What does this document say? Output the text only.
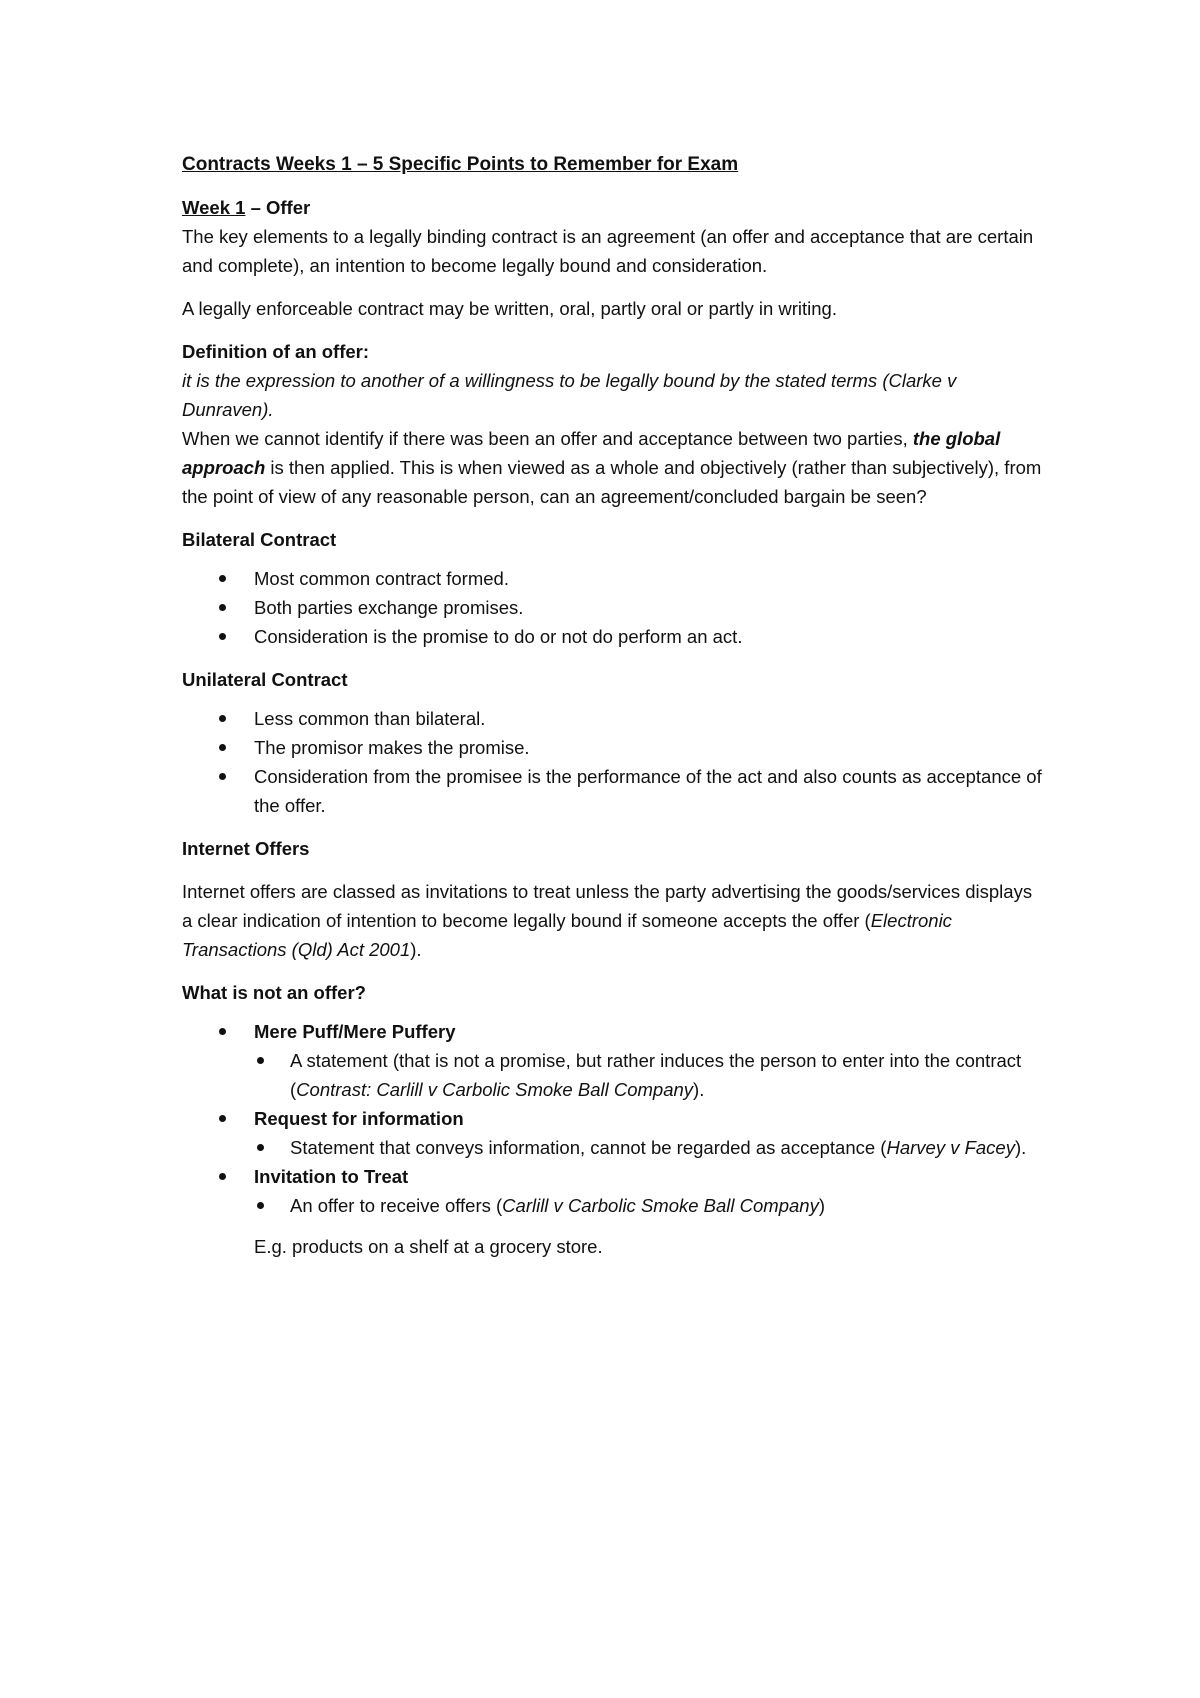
Contracts Weeks 1 – 5 Specific Points to Remember for Exam
Week 1 – Offer

The key elements to a legally binding contract is an agreement (an offer and acceptance that are certain and complete), an intention to become legally bound and consideration.

A legally enforceable contract may be written, oral, partly oral or partly in writing.

Definition of an offer:

it is the expression to another of a willingness to be legally bound by the stated terms (Clarke v Dunraven).

When we cannot identify if there was been an offer and acceptance between two parties, the global approach is then applied. This is when viewed as a whole and objectively (rather than subjectively), from the point of view of any reasonable person, can an agreement/concluded bargain be seen?

Bilateral Contract

Most common contract formed.
Both parties exchange promises.
Consideration is the promise to do or not do perform an act.

Unilateral Contract

Less common than bilateral.
The promisor makes the promise.
Consideration from the promisee is the performance of the act and also counts as acceptance of the offer.

Internet Offers

Internet offers are classed as invitations to treat unless the party advertising the goods/services displays a clear indication of intention to become legally bound if someone accepts the offer (Electronic Transactions (Qld) Act 2001).

What is not an offer?

Mere Puff/Mere Puffery
A statement (that is not a promise, but rather induces the person to enter into the contract (Contrast: Carlill v Carbolic Smoke Ball Company).
Request for information
Statement that conveys information, cannot be regarded as acceptance (Harvey v Facey).
Invitation to Treat
An offer to receive offers (Carlill v Carbolic Smoke Ball Company)

E.g. products on a shelf at a grocery store.
